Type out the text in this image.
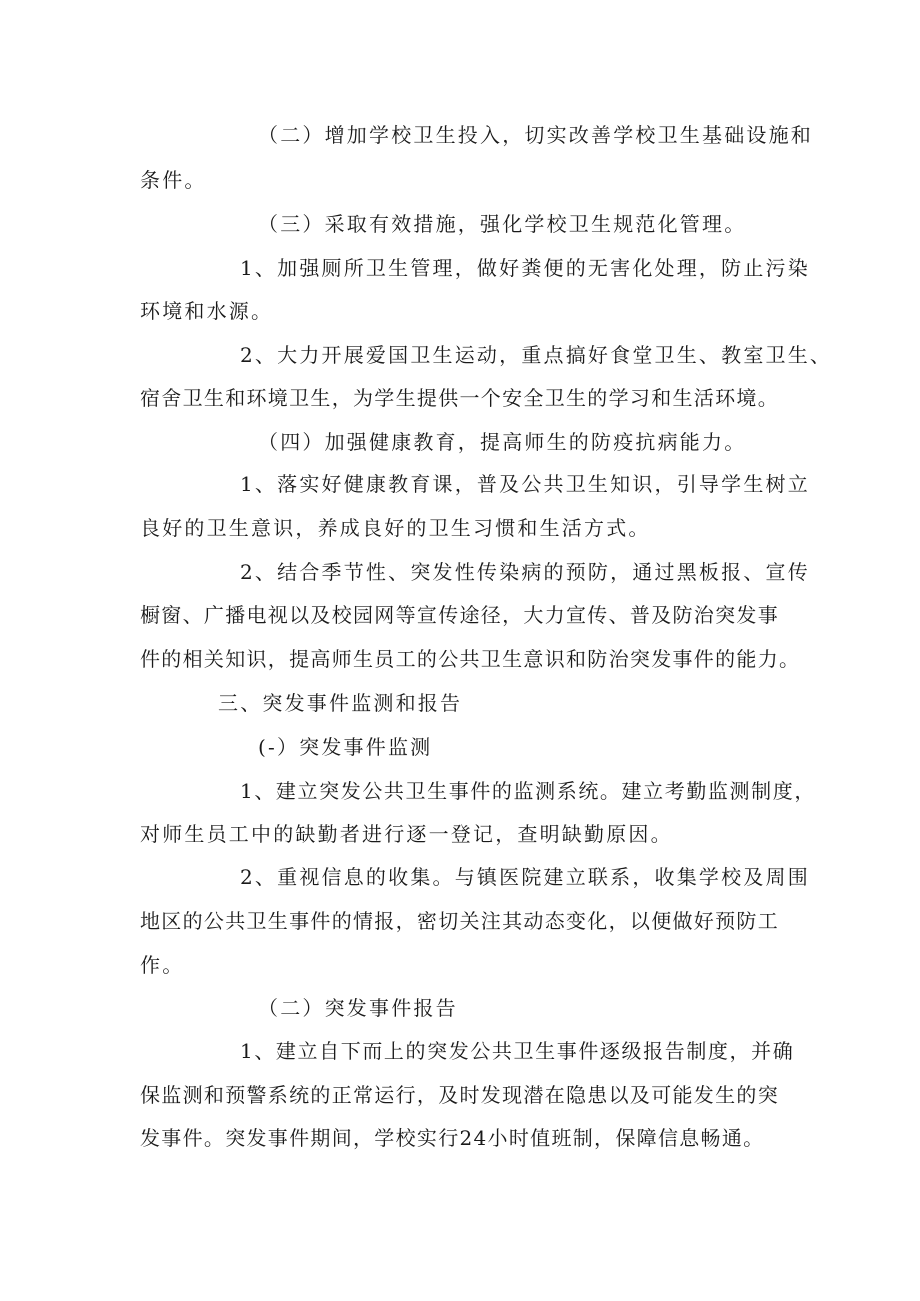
（二）增加学校卫生投入，切实改善学校卫生基础设施和
条件。
（三）采取有效措施，强化学校卫生规范化管理。
1、加强厕所卫生管理，做好粪便的无害化处理，防止污染
环境和水源。
2、大力开展爱国卫生运动，重点搞好食堂卫生、教室卫生、
宿舍卫生和环境卫生，为学生提供一个安全卫生的学习和生活环境。
（四）加强健康教育，提高师生的防疫抗病能力。
1、落实好健康教育课，普及公共卫生知识，引导学生树立
良好的卫生意识，养成良好的卫生习惯和生活方式。
2、结合季节性、突发性传染病的预防，通过黑板报、宣传
橱窗、广播电视以及校园网等宣传途径，大力宣传、普及防治突发事
件的相关知识，提高师生员工的公共卫生意识和防治突发事件的能力。
三、突发事件监测和报告
(-）突发事件监测
1、建立突发公共卫生事件的监测系统。建立考勤监测制度，
对师生员工中的缺勤者进行逐一登记，查明缺勤原因。
2、重视信息的收集。与镇医院建立联系，收集学校及周围
地区的公共卫生事件的情报，密切关注其动态变化，以便做好预防工
作。
（二）突发事件报告
1、建立自下而上的突发公共卫生事件逐级报告制度，并确
保监测和预警系统的正常运行，及时发现潜在隐患以及可能发生的突
发事件。突发事件期间，学校实行24小时值班制，保障信息畅通。
